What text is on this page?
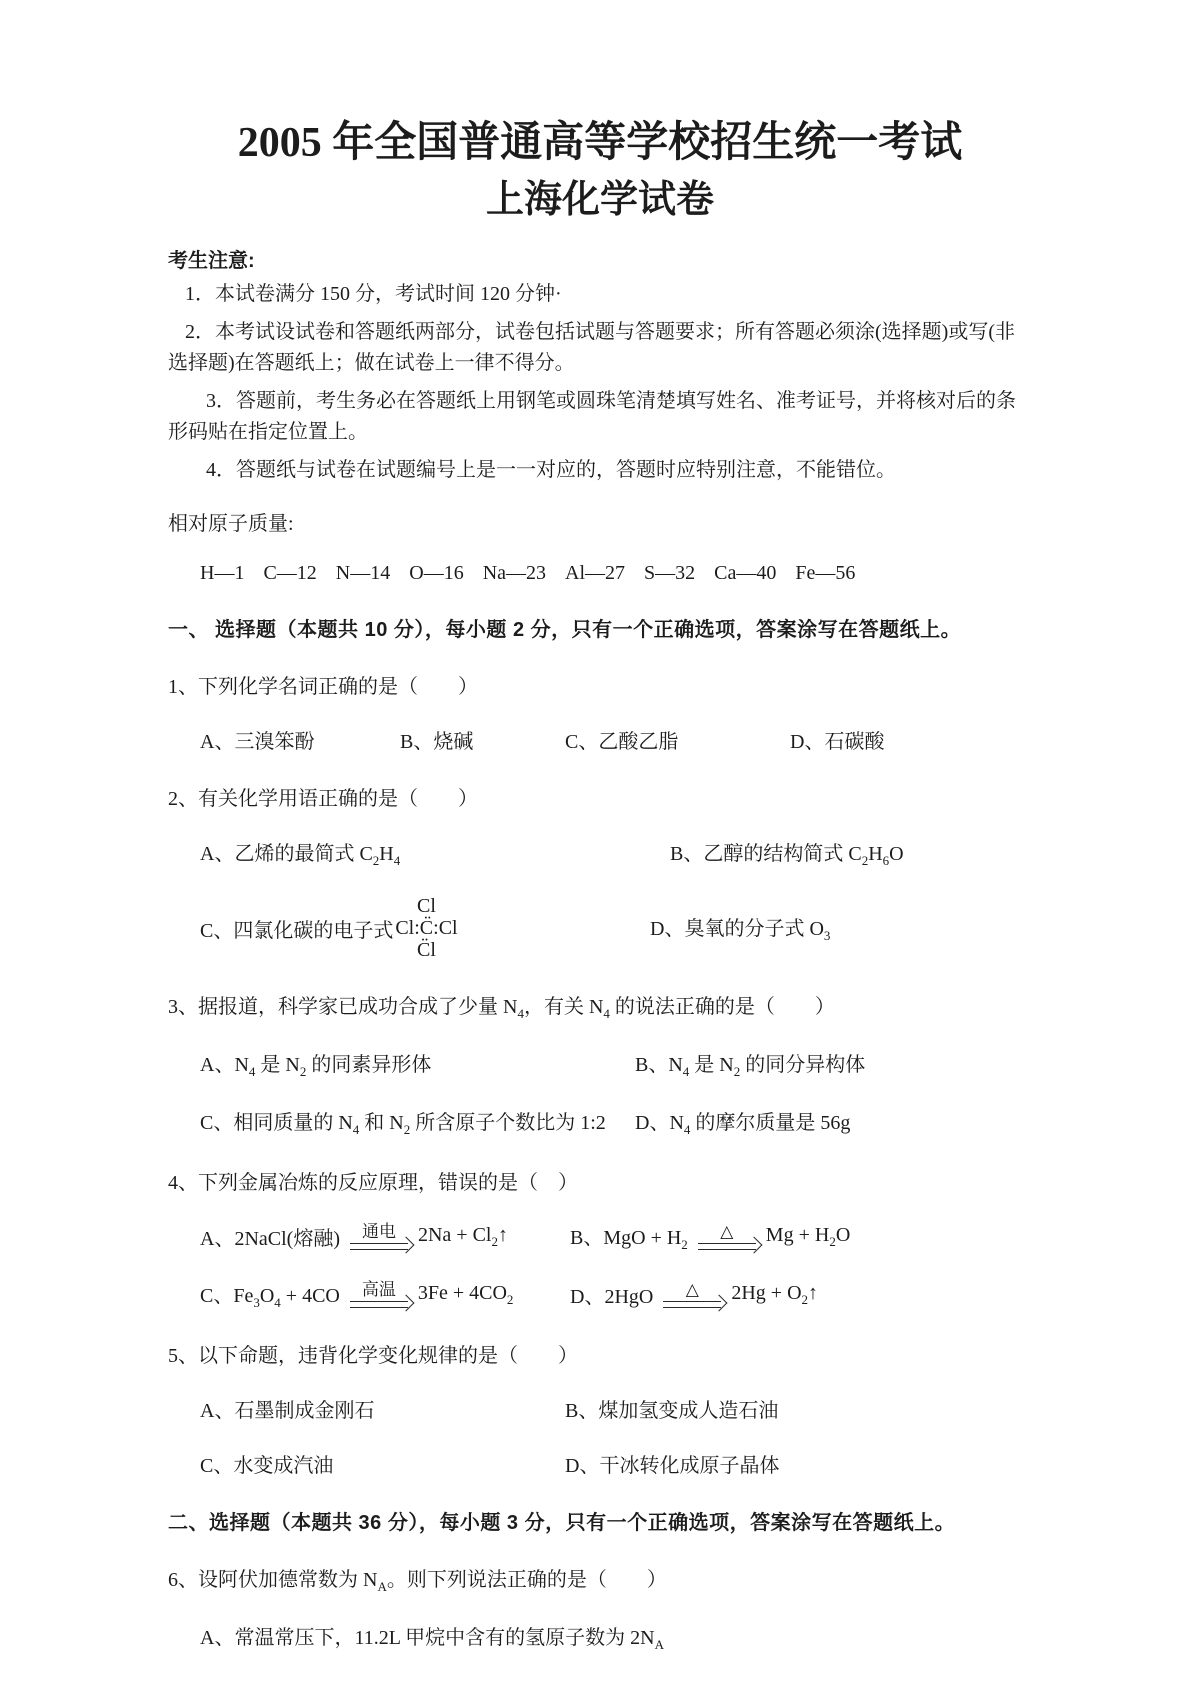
2005 年全国普通高等学校招生统一考试
上海化学试卷
考生注意:
1．本试卷满分 150 分，考试时间 120 分钟·
2．本考试设试卷和答题纸两部分，试卷包括试题与答题要求；所有答题必须涂(选择题)或写(非选择题)在答题纸上；做在试卷上一律不得分。
3．答题前，考生务必在答题纸上用钢笔或圆珠笔清楚填写姓名、准考证号，并将核对后的条形码贴在指定位置上。
4．答题纸与试卷在试题编号上是一一对应的，答题时应特别注意，不能错位。
相对原子质量:
H—1 C—12 N—14 O—16 Na—23 Al—27 S—32 Ca—40 Fe—56
一、 选择题（本题共 10 分），每小题 2 分，只有一个正确选项，答案涂写在答题纸上。
1、下列化学名词正确的是（　　）
A、三溴笨酚	B、烧碱	C、乙酸乙脂	D、石碳酸
2、有关化学用语正确的是（　　）
A、乙烯的最简式 $C_2H_4$	B、乙醇的结构简式 $C_2H_6O$
C、四氯化碳的电子式
Cl
Cl:C̈:Cl
C̈l
D、臭氧的分子式 $O_3$
3、据报道，科学家已成功合成了少量 $N_4$，有关 $N_4$ 的说法正确的是（　　）
A、$N_4$ 是 $N_2$ 的同素异形体	B、$N_4$ 是 $N_2$ 的同分异构体
C、相同质量的 $N_4$ 和 $N_2$ 所含原子个数比为 1:2	D、$N_4$ 的摩尔质量是 56g
4、下列金属冶炼的反应原理，错误的是（　）
A、2NaCl(熔融) 通电 $2Na + Cl_2↑$	B、MgO + $H_2$
△ $Mg + H_2O$
C、$Fe_3O_4 + 4CO$ 高温 $3Fe + 4CO_2$	D、2HgO △ $2Hg + O_2↑$
5、以下命题，违背化学变化规律的是（　　）
A、石墨制成金刚石	B、煤加氢变成人造石油
C、水变成汽油	D、干冰转化成原子晶体
二、选择题（本题共 36 分），每小题 3 分，只有一个正确选项，答案涂写在答题纸上。
6、设阿伏加德常数为 $N_A$。则下列说法正确的是（　　）
A、常温常压下，11.2L 甲烷中含有的氢原子数为 $2N_A$
